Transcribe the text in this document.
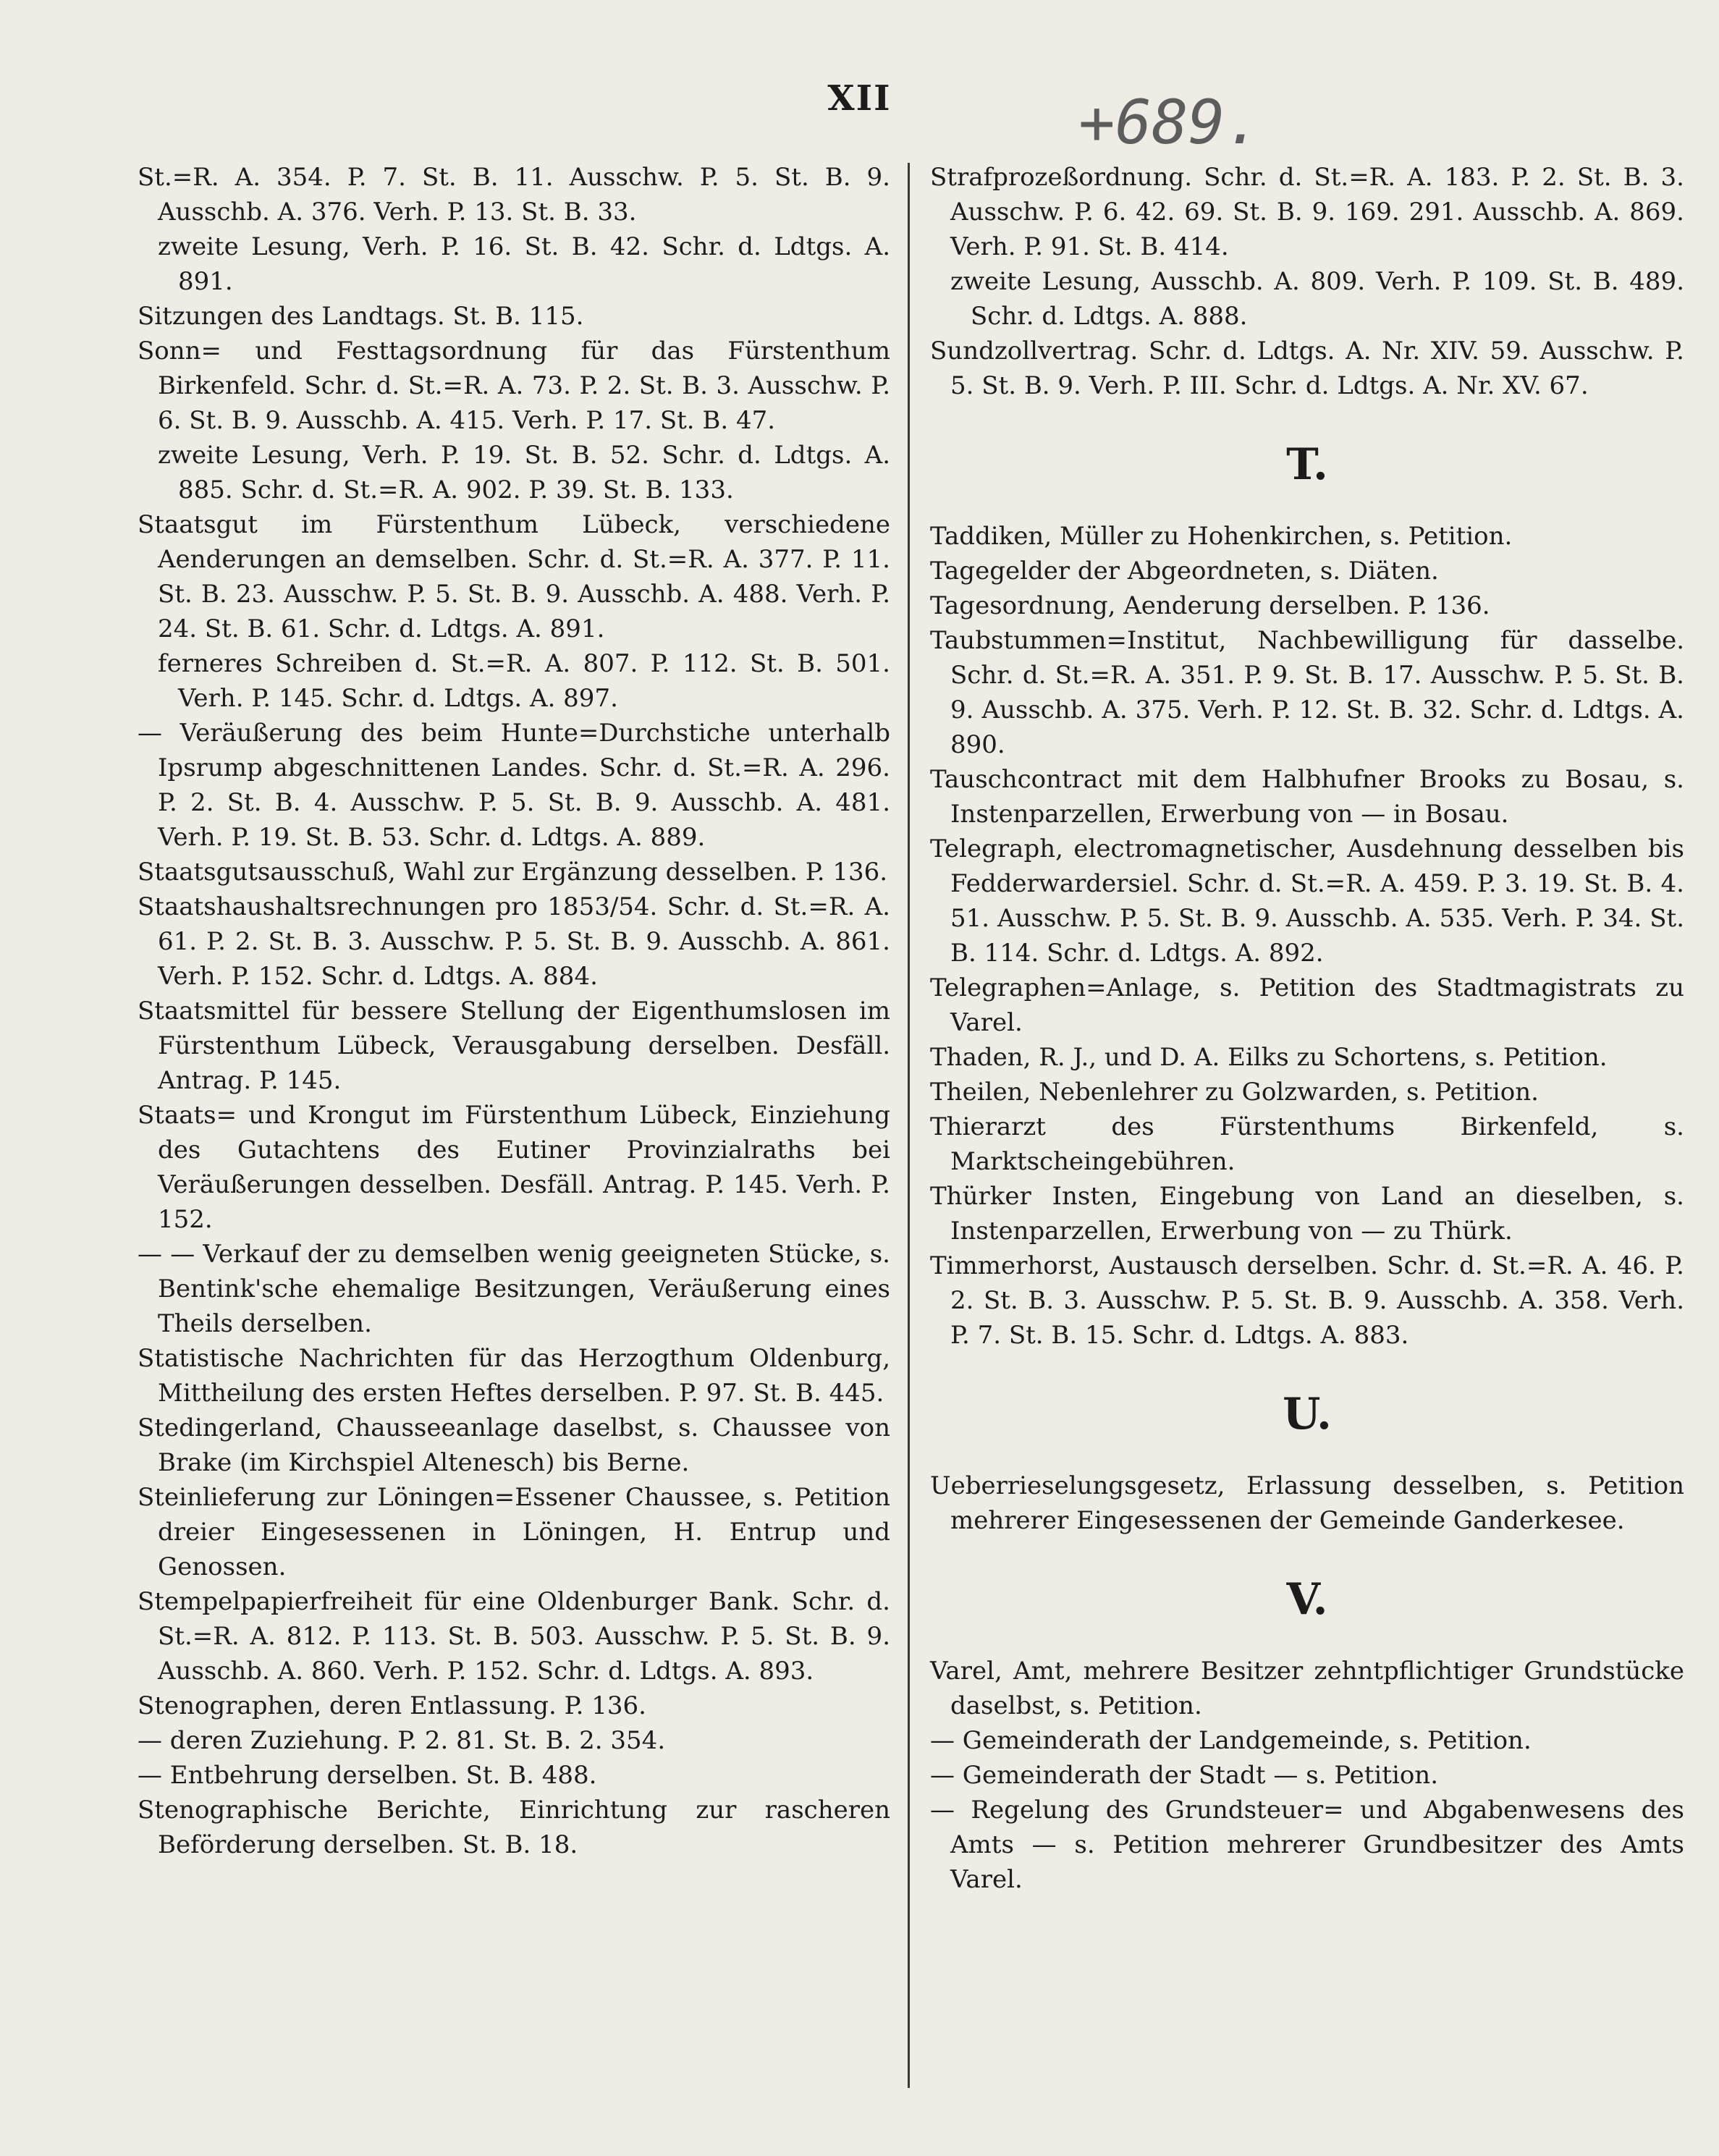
XII	+689.
St.=R. A. 354. P. 7. St. B. 11. Ausschw. P. 5. St. B. 9. Ausschb. A. 376. Verh. P. 13. St. B. 33.
zweite Lesung, Verh. P. 16. St. B. 42. Schr. d. Ldtgs. A. 891.
Sitzungen des Landtags. St. B. 115.
Sonn= und Festtagsordnung für das Fürstenthum Birkenfeld. Schr. d. St.=R. A. 73. P. 2. St. B. 3. Ausschw. P. 6. St. B. 9. Ausschb. A. 415. Verh. P. 17. St. B. 47.
zweite Lesung, Verh. P. 19. St. B. 52. Schr. d. Ldtgs. A. 885. Schr. d. St.=R. A. 902. P. 39. St. B. 133.
Staatsgut im Fürstenthum Lübeck, verschiedene Aenderungen an demselben. Schr. d. St.=R. A. 377. P. 11. St. B. 23. Ausschw. P. 5. St. B. 9. Ausschb. A. 488. Verh. P. 24. St. B. 61. Schr. d. Ldtgs. A. 891.
ferneres Schreiben d. St.=R. A. 807. P. 112. St. B. 501. Verh. P. 145. Schr. d. Ldtgs. A. 897.
— Veräußerung des beim Hunte=Durchstiche unterhalb Ipsrump abgeschnittenen Landes. Schr. d. St.=R. A. 296. P. 2. St. B. 4. Ausschw. P. 5. St. B. 9. Ausschb. A. 481. Verh. P. 19. St. B. 53. Schr. d. Ldtgs. A. 889.
Staatsgutsausschuß, Wahl zur Ergänzung desselben. P. 136.
Staatshaushaltsrechnungen pro 1853/54. Schr. d. St.=R. A. 61. P. 2. St. B. 3. Ausschw. P. 5. St. B. 9. Ausschb. A. 861. Verh. P. 152. Schr. d. Ldtgs. A. 884.
Staatsmittel für bessere Stellung der Eigenthumslosen im Fürstenthum Lübeck, Verausgabung derselben. Desfäll. Antrag. P. 145.
Staats= und Krongut im Fürstenthum Lübeck, Einziehung des Gutachtens des Eutiner Provinzialraths bei Veräußerungen desselben. Desfäll. Antrag. P. 145. Verh. P. 152.
— — Verkauf der zu demselben wenig geeigneten Stücke, s. Bentink'sche ehemalige Besitzungen, Veräußerung eines Theils derselben.
Statistische Nachrichten für das Herzogthum Oldenburg, Mittheilung des ersten Heftes derselben. P. 97. St. B. 445.
Stedingerland, Chausseeanlage daselbst, s. Chaussee von Brake (im Kirchspiel Altenesch) bis Berne.
Steinlieferung zur Löningen=Essener Chaussee, s. Petition dreier Eingesessenen in Löningen, H. Entrup und Genossen.
Stempelpapierfreiheit für eine Oldenburger Bank. Schr. d. St.=R. A. 812. P. 113. St. B. 503. Ausschw. P. 5. St. B. 9. Ausschb. A. 860. Verh. P. 152. Schr. d. Ldtgs. A. 893.
Stenographen, deren Entlassung. P. 136.
— deren Zuziehung. P. 2. 81. St. B. 2. 354.
— Entbehrung derselben. St. B. 488.
Stenographische Berichte, Einrichtung zur rascheren Beförderung derselben. St. B. 18.
Strafprozeßordnung. Schr. d. St.=R. A. 183. P. 2. St. B. 3. Ausschw. P. 6. 42. 69. St. B. 9. 169. 291. Ausschb. A. 869. Verh. P. 91. St. B. 414.
zweite Lesung, Ausschb. A. 809. Verh. P. 109. St. B. 489. Schr. d. Ldtgs. A. 888.
Sundzollvertrag. Schr. d. Ldtgs. A. Nr. XIV. 59. Ausschw. P. 5. St. B. 9. Verh. P. III. Schr. d. Ldtgs. A. Nr. XV. 67.
T.
Taddiken, Müller zu Hohenkirchen, s. Petition.
Tagegelder der Abgeordneten, s. Diäten.
Tagesordnung, Aenderung derselben. P. 136.
Taubstummen=Institut, Nachbewilligung für dasselbe. Schr. d. St.=R. A. 351. P. 9. St. B. 17. Ausschw. P. 5. St. B. 9. Ausschb. A. 375. Verh. P. 12. St. B. 32. Schr. d. Ldtgs. A. 890.
Tauschcontract mit dem Halbhufner Brooks zu Bosau, s. Instenparzellen, Erwerbung von — in Bosau.
Telegraph, electromagnetischer, Ausdehnung desselben bis Fedderwardersiel. Schr. d. St.=R. A. 459. P. 3. 19. St. B. 4. 51. Ausschw. P. 5. St. B. 9. Ausschb. A. 535. Verh. P. 34. St. B. 114. Schr. d. Ldtgs. A. 892.
Telegraphen=Anlage, s. Petition des Stadtmagistrats zu Varel.
Thaden, R. J., und D. A. Eilks zu Schortens, s. Petition.
Theilen, Nebenlehrer zu Golzwarden, s. Petition.
Thierarzt des Fürstenthums Birkenfeld, s. Marktscheingebühren.
Thürker Insten, Eingebung von Land an dieselben, s. Instenparzellen, Erwerbung von — zu Thürk.
Timmerhorst, Austausch derselben. Schr. d. St.=R. A. 46. P. 2. St. B. 3. Ausschw. P. 5. St. B. 9. Ausschb. A. 358. Verh. P. 7. St. B. 15. Schr. d. Ldtgs. A. 883.
U.
Ueberrieselungsgesetz, Erlassung desselben, s. Petition mehrerer Eingesessenen der Gemeinde Ganderkesee.
V.
Varel, Amt, mehrere Besitzer zehntpflichtiger Grundstücke daselbst, s. Petition.
— Gemeinderath der Landgemeinde, s. Petition.
— Gemeinderath der Stadt — s. Petition.
— Regelung des Grundsteuer= und Abgabenwesens des Amts — s. Petition mehrerer Grundbesitzer des Amts Varel.
